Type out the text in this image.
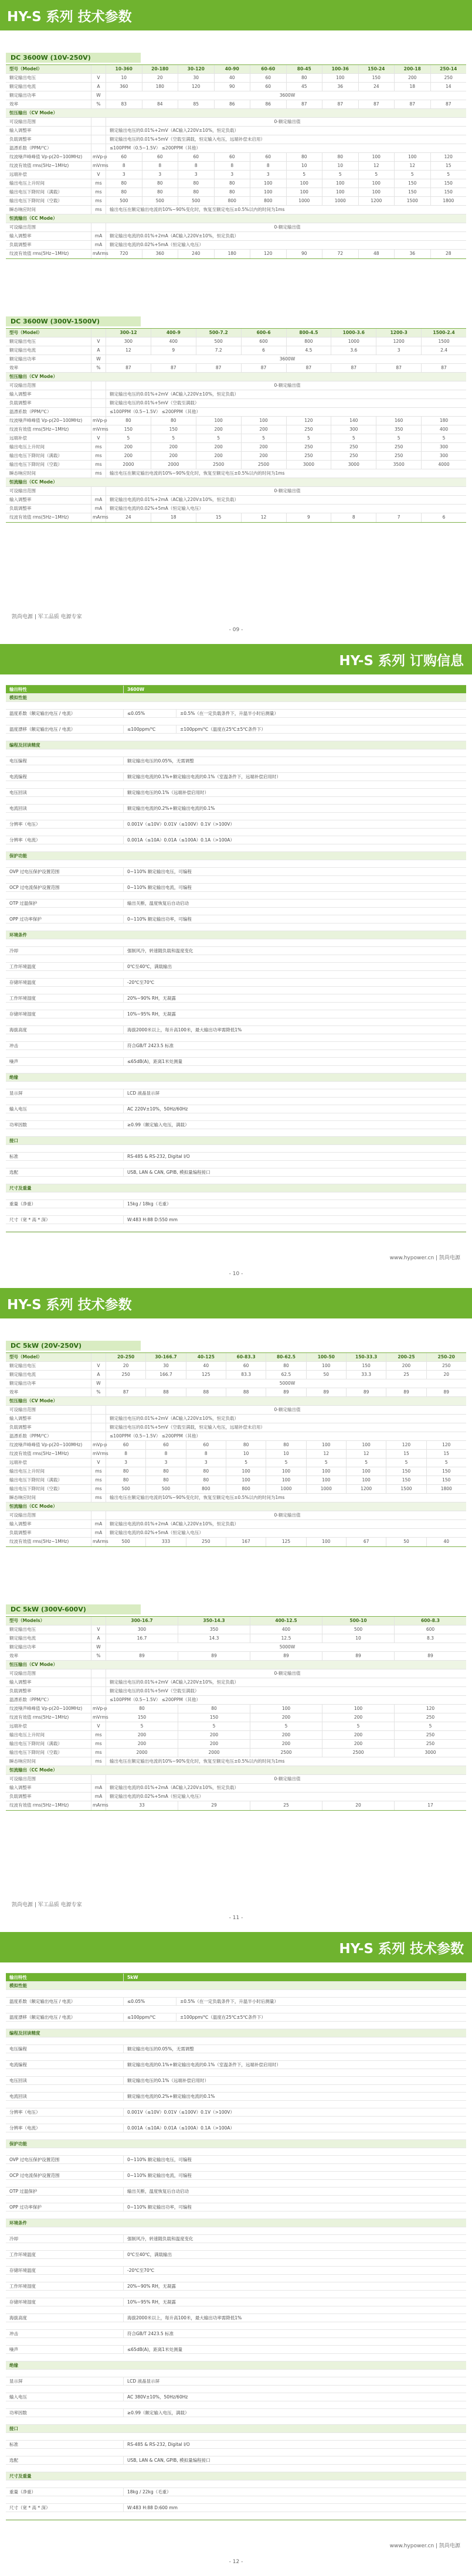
HY-S 系列 技术参数
DC 3600W (10V-250V)
型号（Model）	10-360	20-180	30-120	40-90	60-60	80-45	100-36	150-24	200-18	250-14
额定输出电压	V	10	20	30	40	60	80	100	150	200	250
额定输出电流	A	360	180	120	90	60	45	36	24	18	14
额定输出功率	W	3600W
效率	%	83	84	85	86	86	87	87	87	87	87
恒压输出（CV Mode）
可设输出范围	0-额定输出值
输入调整率	额定输出电压的0.01%+2mV（AC输入220V±10%，恒定负载）
负载调整率	额定输出电压的0.01%+5mV（空载至满载，恒定输入电压，远端补偿未启用）
温漂系数（PPM/℃）	≤100PPM（0.5~1.5V） ≤200PPM（其他）
纹波噪声峰峰值 Vp-p(20~100MHz)	mVp-p	60	60	60	60	60	80	80	100	100	120
纹波有效值 rms(5Hz~1MHz)	mVrms	8	8	8	8	8	10	10	12	12	15
远端补偿	V	3	3	3	3	3	5	5	5	5	5
输出电压上升时间	ms	80	80	80	80	100	100	100	100	150	150
输出电压下降时间（满载）	ms	80	80	80	80	100	100	100	100	150	150
输出电压下降时间（空载）	ms	500	500	500	800	800	1000	1000	1200	1500	1800
瞬态响应时间	ms	输出电压在额定输出电流的10%~90%变化时，恢复至额定电压±0.5%以内的时间为1ms
恒流输出（CC Mode）
可设输出范围	0-额定输出值
输入调整率	mA	额定输出电流的0.01%+2mA（AC输入220V±10%，恒定负载）
负载调整率	mA	额定输出电流的0.02%+5mA（恒定输入电压）
纹波有效值 rms(5Hz~1MHz)	mArms	720	360	240	180	120	90	72	48	36	28
DC 3600W (300V-1500V)
型号（Model）	300-12	400-9	500-7.2	600-6	800-4.5	1000-3.6	1200-3	1500-2.4
额定输出电压	V	300	400	500	600	800	1000	1200	1500
额定输出电流	A	12	9	7.2	6	4.5	3.6	3	2.4
额定输出功率	W	3600W
效率	%	87	87	87	87	87	87	87	87
恒压输出（CV Mode）
可设输出范围	0-额定输出值
输入调整率	额定输出电压的0.01%+2mV（AC输入220V±10%，恒定负载）
负载调整率	额定输出电压的0.01%+5mV（空载至满载）
温漂系数（PPM/℃）	≤100PPM（0.5~1.5V） ≤200PPM（其他）
纹波噪声峰峰值 Vp-p(20~100MHz)	mVp-p	80	80	100	100	120	140	160	180
纹波有效值 rms(5Hz~1MHz)	mVrms	150	150	200	200	250	300	350	400
远端补偿	V	5	5	5	5	5	5	5	5
输出电压上升时间	ms	200	200	200	200	250	250	250	300
输出电压下降时间（满载）	ms	200	200	200	200	250	250	250	300
输出电压下降时间（空载）	ms	2000	2000	2500	2500	3000	3000	3500	4000
瞬态响应时间	ms	输出电压在额定输出电流的10%~90%变化时，恢复至额定电压±0.5%以内的时间为1ms
恒流输出（CC Mode）
可设输出范围	0-额定输出值
输入调整率	mA	额定输出电流的0.01%+2mA（AC输入220V±10%，恒定负载）
负载调整率	mA	额定输出电流的0.02%+5mA（恒定输入电压）
纹波有效值 rms(5Hz~1MHz)	mArms	24	18	15	12	9	8	7	6
凯尚电源 | 军工品质 电源专家
- 09 -
HY-S 系列 订购信息
输出特性	3600W
模拟性能
温度系数（额定输出电压 / 电流）	≤0.05%	±0.5%（在一定负载条件下，升温半小时后测量）
温度漂移（额定输出电压 / 电流）	≤100ppm/℃	±100ppm/℃（温度在25℃±5℃条件下）
编程及回读精度
电压编程	额定输出电压的0.05%，无需调整
电流编程	额定输出电流的0.1%+额定输出电流的0.1%（室温条件下，远端补偿启用时）
电压回读	额定输出电压的0.1%（远端补偿启用时）
电流回读	额定输出电流的0.2%+额定输出电流的0.1%
分辨率（电压）	0.001V（≤10V）0.01V（≤100V）0.1V（>100V）
分辨率（电流）	0.001A（≤10A）0.01A（≤100A）0.1A（>100A）
保护功能
OVP 过电压保护设置范围	0~110% 额定输出电压，可编程
OCP 过电流保护设置范围	0~110% 额定输出电流，可编程
OTP 过温保护	输出关断，温度恢复后自动启动
OPP 过功率保护	0~110% 额定输出功率，可编程
环境条件
冷却	强制风冷，转速随负载和温度变化
工作环境温度	0℃至40℃，满载输出
存储环境温度	-20℃至70℃
工作环境湿度	20%~90% RH，无凝露
存储环境湿度	10%~95% RH，无凝露
海拔高度	海拔2000米以上，每升高100米，最大输出功率需降低1%
冲击	符合GB/T 2423.5 标准
噪声	≤65dB(A)，距离1米处测量
绝缘
显示屏	LCD 液晶显示屏
输入电压	AC 220V±10%，50Hz/60Hz
功率因数	≥0.99（额定输入电压，满载）
接口
标准	RS-485 & RS-232, Digital I/O
选配	USB, LAN & CAN, GPIB, 模拟量编程接口
尺寸及重量
重量（净重）	15kg / 18kg（毛重）
尺寸（宽 * 高 * 深）	W:483 H:88 D:550 mm
www.hypower.cn | 凯尚电源
- 10 -
HY-S 系列 技术参数
DC 5kW (20V-250V)
型号（Model）	20-250	30-166.7	40-125	60-83.3	80-62.5	100-50	150-33.3	200-25	250-20
额定输出电压	V	20	30	40	60	80	100	150	200	250
额定输出电流	A	250	166.7	125	83.3	62.5	50	33.3	25	20
额定输出功率	W	5000W
效率	%	87	88	88	88	89	89	89	89	89
恒压输出（CV Mode）
可设输出范围	0-额定输出值
输入调整率	额定输出电压的0.01%+2mV（AC输入220V±10%，恒定负载）
负载调整率	额定输出电压的0.01%+5mV（空载至满载，恒定输入电压，远端补偿未启用）
温漂系数（PPM/℃）	≤100PPM（0.5~1.5V） ≤200PPM（其他）
纹波噪声峰峰值 Vp-p(20~100MHz)	mVp-p	60	60	60	80	80	100	100	120	120
纹波有效值 rms(5Hz~1MHz)	mVrms	8	8	8	10	10	12	12	15	15
远端补偿	V	3	3	3	5	5	5	5	5	5
输出电压上升时间	ms	80	80	80	100	100	100	100	150	150
输出电压下降时间（满载）	ms	80	80	80	100	100	100	100	150	150
输出电压下降时间（空载）	ms	500	500	800	800	1000	1000	1200	1500	1800
瞬态响应时间	ms	输出电压在额定输出电流的10%~90%变化时，恢复至额定电压±0.5%以内的时间为1ms
恒流输出（CC Mode）
可设输出范围	0-额定输出值
输入调整率	mA	额定输出电流的0.01%+2mA（AC输入220V±10%，恒定负载）
负载调整率	mA	额定输出电流的0.02%+5mA（恒定输入电压）
纹波有效值 rms(5Hz~1MHz)	mArms	500	333	250	167	125	100	67	50	40
DC 5kW (300V-600V)
型号（Models）	300-16.7	350-14.3	400-12.5	500-10	600-8.3
额定输出电压	V	300	350	400	500	600
额定输出电流	A	16.7	14.3	12.5	10	8.3
额定输出功率	W	5000W
效率	%	89	89	89	89	89
恒压输出（CV Mode）
可设输出范围	0-额定输出值
输入调整率	额定输出电压的0.01%+2mV（AC输入220V±10%，恒定负载）
负载调整率	额定输出电压的0.01%+5mV（空载至满载）
温漂系数（PPM/℃）	≤100PPM（0.5~1.5V） ≤200PPM（其他）
纹波噪声峰峰值 Vp-p(20~100MHz)	mVp-p	80	80	100	100	120
纹波有效值 rms(5Hz~1MHz)	mVrms	150	150	200	200	250
远端补偿	V	5	5	5	5	5
输出电压上升时间	ms	200	200	200	200	250
输出电压下降时间（满载）	ms	200	200	200	200	250
输出电压下降时间（空载）	ms	2000	2000	2500	2500	3000
瞬态响应时间	ms	输出电压在额定输出电流的10%~90%变化时，恢复至额定电压±0.5%以内的时间为1ms
恒流输出（CC Mode）
可设输出范围	0-额定输出值
输入调整率	mA	额定输出电流的0.01%+2mA（AC输入220V±10%，恒定负载）
负载调整率	mA	额定输出电流的0.02%+5mA（恒定输入电压）
纹波有效值 rms(5Hz~1MHz)	mArms	33	29	25	20	17
凯尚电源 | 军工品质 电源专家
- 11 -
HY-S 系列 技术参数
输出特性	5kW
模拟性能
温度系数（额定输出电压 / 电流）	≤0.05%	±0.5%（在一定负载条件下，升温半小时后测量）
温度漂移（额定输出电压 / 电流）	≤100ppm/℃	±100ppm/℃（温度在25℃±5℃条件下）
编程及回读精度
电压编程	额定输出电压的0.05%，无需调整
电流编程	额定输出电流的0.1%+额定输出电流的0.1%（室温条件下，远端补偿启用时）
电压回读	额定输出电压的0.1%（远端补偿启用时）
电流回读	额定输出电流的0.2%+额定输出电流的0.1%
分辨率（电压）	0.001V（≤10V）0.01V（≤100V）0.1V（>100V）
分辨率（电流）	0.001A（≤10A）0.01A（≤100A）0.1A（>100A）
保护功能
OVP 过电压保护设置范围	0~110% 额定输出电压，可编程
OCP 过电流保护设置范围	0~110% 额定输出电流，可编程
OTP 过温保护	输出关断，温度恢复后自动启动
OPP 过功率保护	0~110% 额定输出功率，可编程
环境条件
冷却	强制风冷，转速随负载和温度变化
工作环境温度	0℃至40℃，满载输出
存储环境温度	-20℃至70℃
工作环境湿度	20%~90% RH，无凝露
存储环境湿度	10%~95% RH，无凝露
海拔高度	海拔2000米以上，每升高100米，最大输出功率需降低1%
冲击	符合GB/T 2423.5 标准
噪声	≤65dB(A)，距离1米处测量
绝缘
显示屏	LCD 液晶显示屏
输入电压	AC 380V±10%，50Hz/60Hz
功率因数	≥0.99（额定输入电压，满载）
接口
标准	RS-485 & RS-232, Digital I/O
选配	USB, LAN & CAN, GPIB, 模拟量编程接口
尺寸及重量
重量（净重）	18kg / 22kg（毛重）
尺寸（宽 * 高 * 深）	W:483 H:88 D:600 mm
www.hypower.cn | 凯尚电源
- 12 -
